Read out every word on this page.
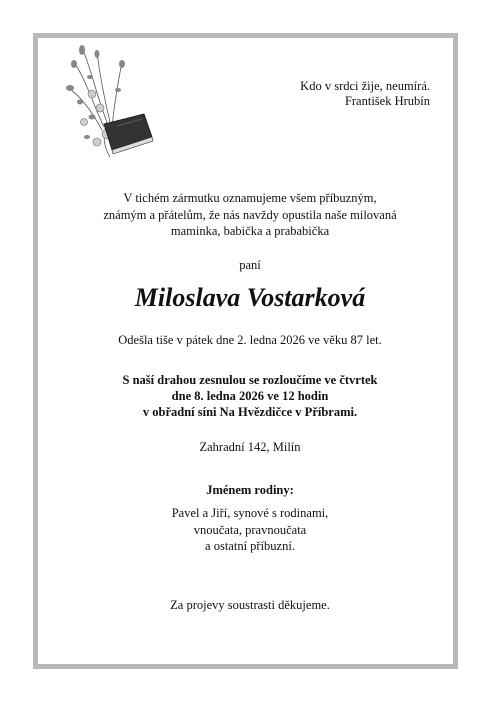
Kdo v srdci žije, neumírá.
František Hrubín
V tichém zármutku oznamujeme všem příbuzným,
známým a přátelům, že nás navždy opustila naše milovaná
maminka, babička a prababička
paní
Miloslava Vostarková
Odešla tiše v pátek dne 2. ledna 2026 ve věku 87 let.
S naší drahou zesnulou se rozloučíme ve čtvrtek
dne 8. ledna 2026 ve 12 hodin
v obřadní síni Na Hvězdičce v Příbrami.
Zahradní 142, Milín
Jménem rodiny:
Pavel a Jiří, synové s rodinami,
vnoučata, pravnoučata
a ostatní příbuzní.
Za projevy soustrasti děkujeme.
